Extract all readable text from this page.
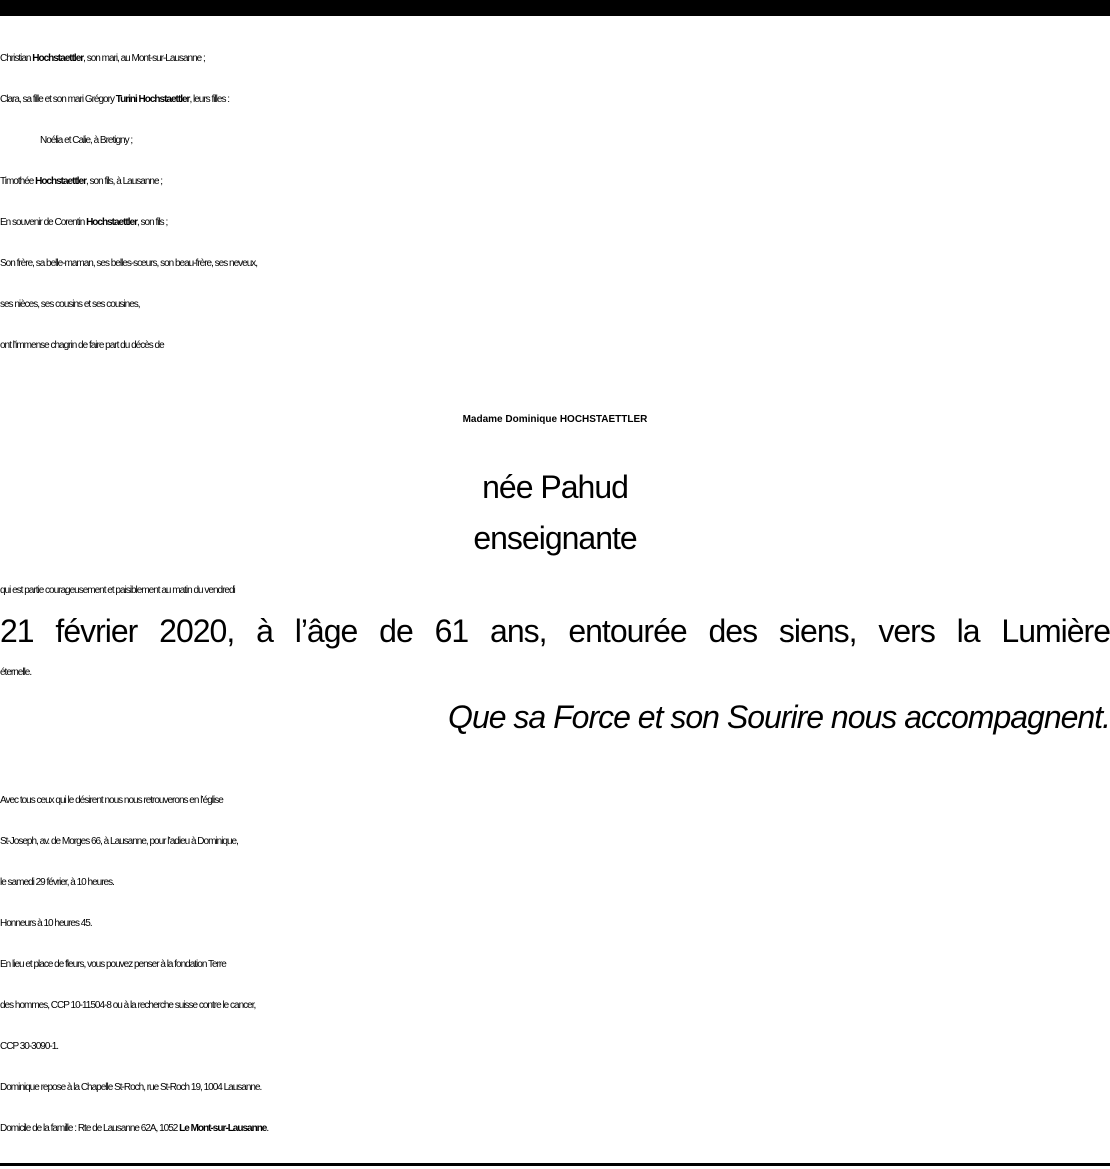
Christian Hochstaettler, son mari, au Mont-sur-Lausanne ;
Clara, sa fille et son mari Grégory Turini Hochstaettler, leurs filles :
Noélia et Calie, à Bretigny ;
Timothée Hochstaettler, son fils, à Lausanne ;
En souvenir de Corentin Hochstaettler, son fils ;
Son frère, sa belle-maman, ses belles-sœurs, son beau-frère, ses neveux,
ses nièces, ses cousins et ses cousines,
ont l’immense chagrin de faire part du décès de
Madame Dominique HOCHSTAETTLER
née Pahud
enseignante
qui est partie courageusement et paisiblement au matin du vendredi
21 février 2020, à l’âge de 61 ans, entourée des siens, vers la Lumière
éternelle.
Que sa Force et son Sourire nous accompagnent.
Avec tous ceux qui le désirent nous nous retrouverons en l’église
St-Joseph, av. de Morges 66, à Lausanne, pour l’adieu à Dominique,
le samedi 29 février, à 10 heures.
Honneurs à 10 heures 45.
En lieu et place de fleurs, vous pouvez penser à la fondation Terre
des hommes, CCP 10-11504-8 ou à la recherche suisse contre le cancer,
CCP 30-3090-1.
Dominique repose à la Chapelle St-Roch, rue St-Roch 19, 1004 Lausanne.
Domicile de la famille : Rte de Lausanne 62A, 1052 Le Mont-sur-Lausanne.
